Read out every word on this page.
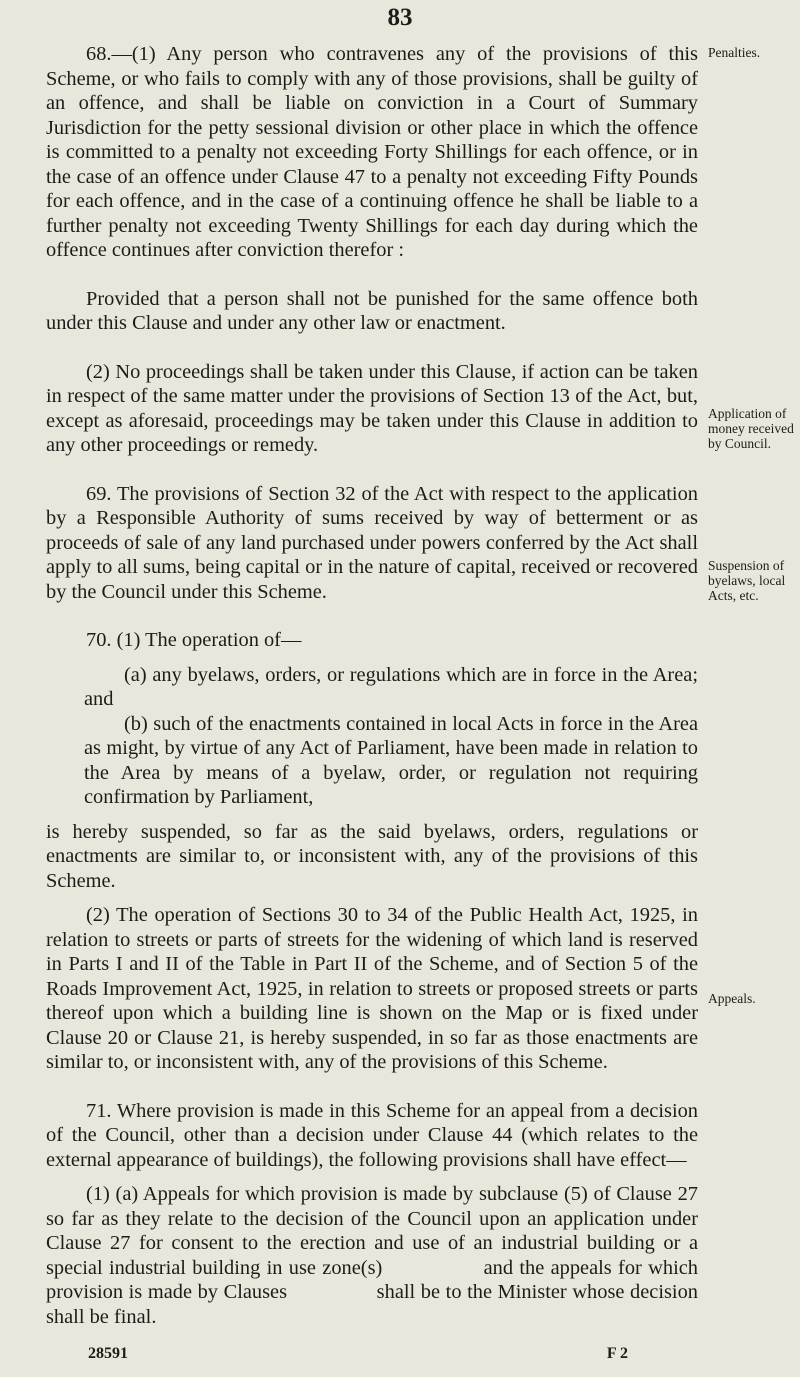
83

68.—(1) Any person who contravenes any of the provisions of this Scheme, or who fails to comply with any of those provisions, shall be guilty of an offence, and shall be liable on conviction in a Court of Summary Jurisdiction for the petty sessional division or other place in which the offence is committed to a penalty not exceeding Forty Shillings for each offence, or in the case of an offence under Clause 47 to a penalty not exceeding Fifty Pounds for each offence, and in the case of a continuing offence he shall be liable to a further penalty not exceeding Twenty Shillings for each day during which the offence continues after conviction therefor :

Provided that a person shall not be punished for the same offence both under this Clause and under any other law or enactment.

(2) No proceedings shall be taken under this Clause, if action can be taken in respect of the same matter under the provisions of Section 13 of the Act, but, except as aforesaid, proceedings may be taken under this Clause in addition to any other proceedings or remedy.

69. The provisions of Section 32 of the Act with respect to the application by a Responsible Authority of sums received by way of betterment or as proceeds of sale of any land purchased under powers conferred by the Act shall apply to all sums, being capital or in the nature of capital, received or recovered by the Council under this Scheme.

70. (1) The operation of—

(a) any byelaws, orders, or regulations which are in force in the Area; and

(b) such of the enactments contained in local Acts in force in the Area as might, by virtue of any Act of Parliament, have been made in relation to the Area by means of a byelaw, order, or regulation not requiring confirmation by Parliament,

is hereby suspended, so far as the said byelaws, orders, regulations or enactments are similar to, or inconsistent with, any of the provisions of this Scheme.

(2) The operation of Sections 30 to 34 of the Public Health Act, 1925, in relation to streets or parts of streets for the widening of which land is reserved in Parts I and II of the Table in Part II of the Scheme, and of Section 5 of the Roads Improvement Act, 1925, in relation to streets or proposed streets or parts thereof upon which a building line is shown on the Map or is fixed under Clause 20 or Clause 21, is hereby suspended, in so far as those enactments are similar to, or inconsistent with, any of the provisions of this Scheme.

71. Where provision is made in this Scheme for an appeal from a decision of the Council, other than a decision under Clause 44 (which relates to the external appearance of buildings), the following provisions shall have effect—

(1) (a) Appeals for which provision is made by subclause (5) of Clause 27 so far as they relate to the decision of the Council upon an application under Clause 27 for consent to the erection and use of an industrial building or a special industrial building in use zone(s)                and the appeals for which provision is made by Clauses                shall be to the Minister whose decision shall be final.

Penalties.
Application of money received by Council.
Suspension of byelaws, local Acts, etc.
Appeals.
28591	F 2
